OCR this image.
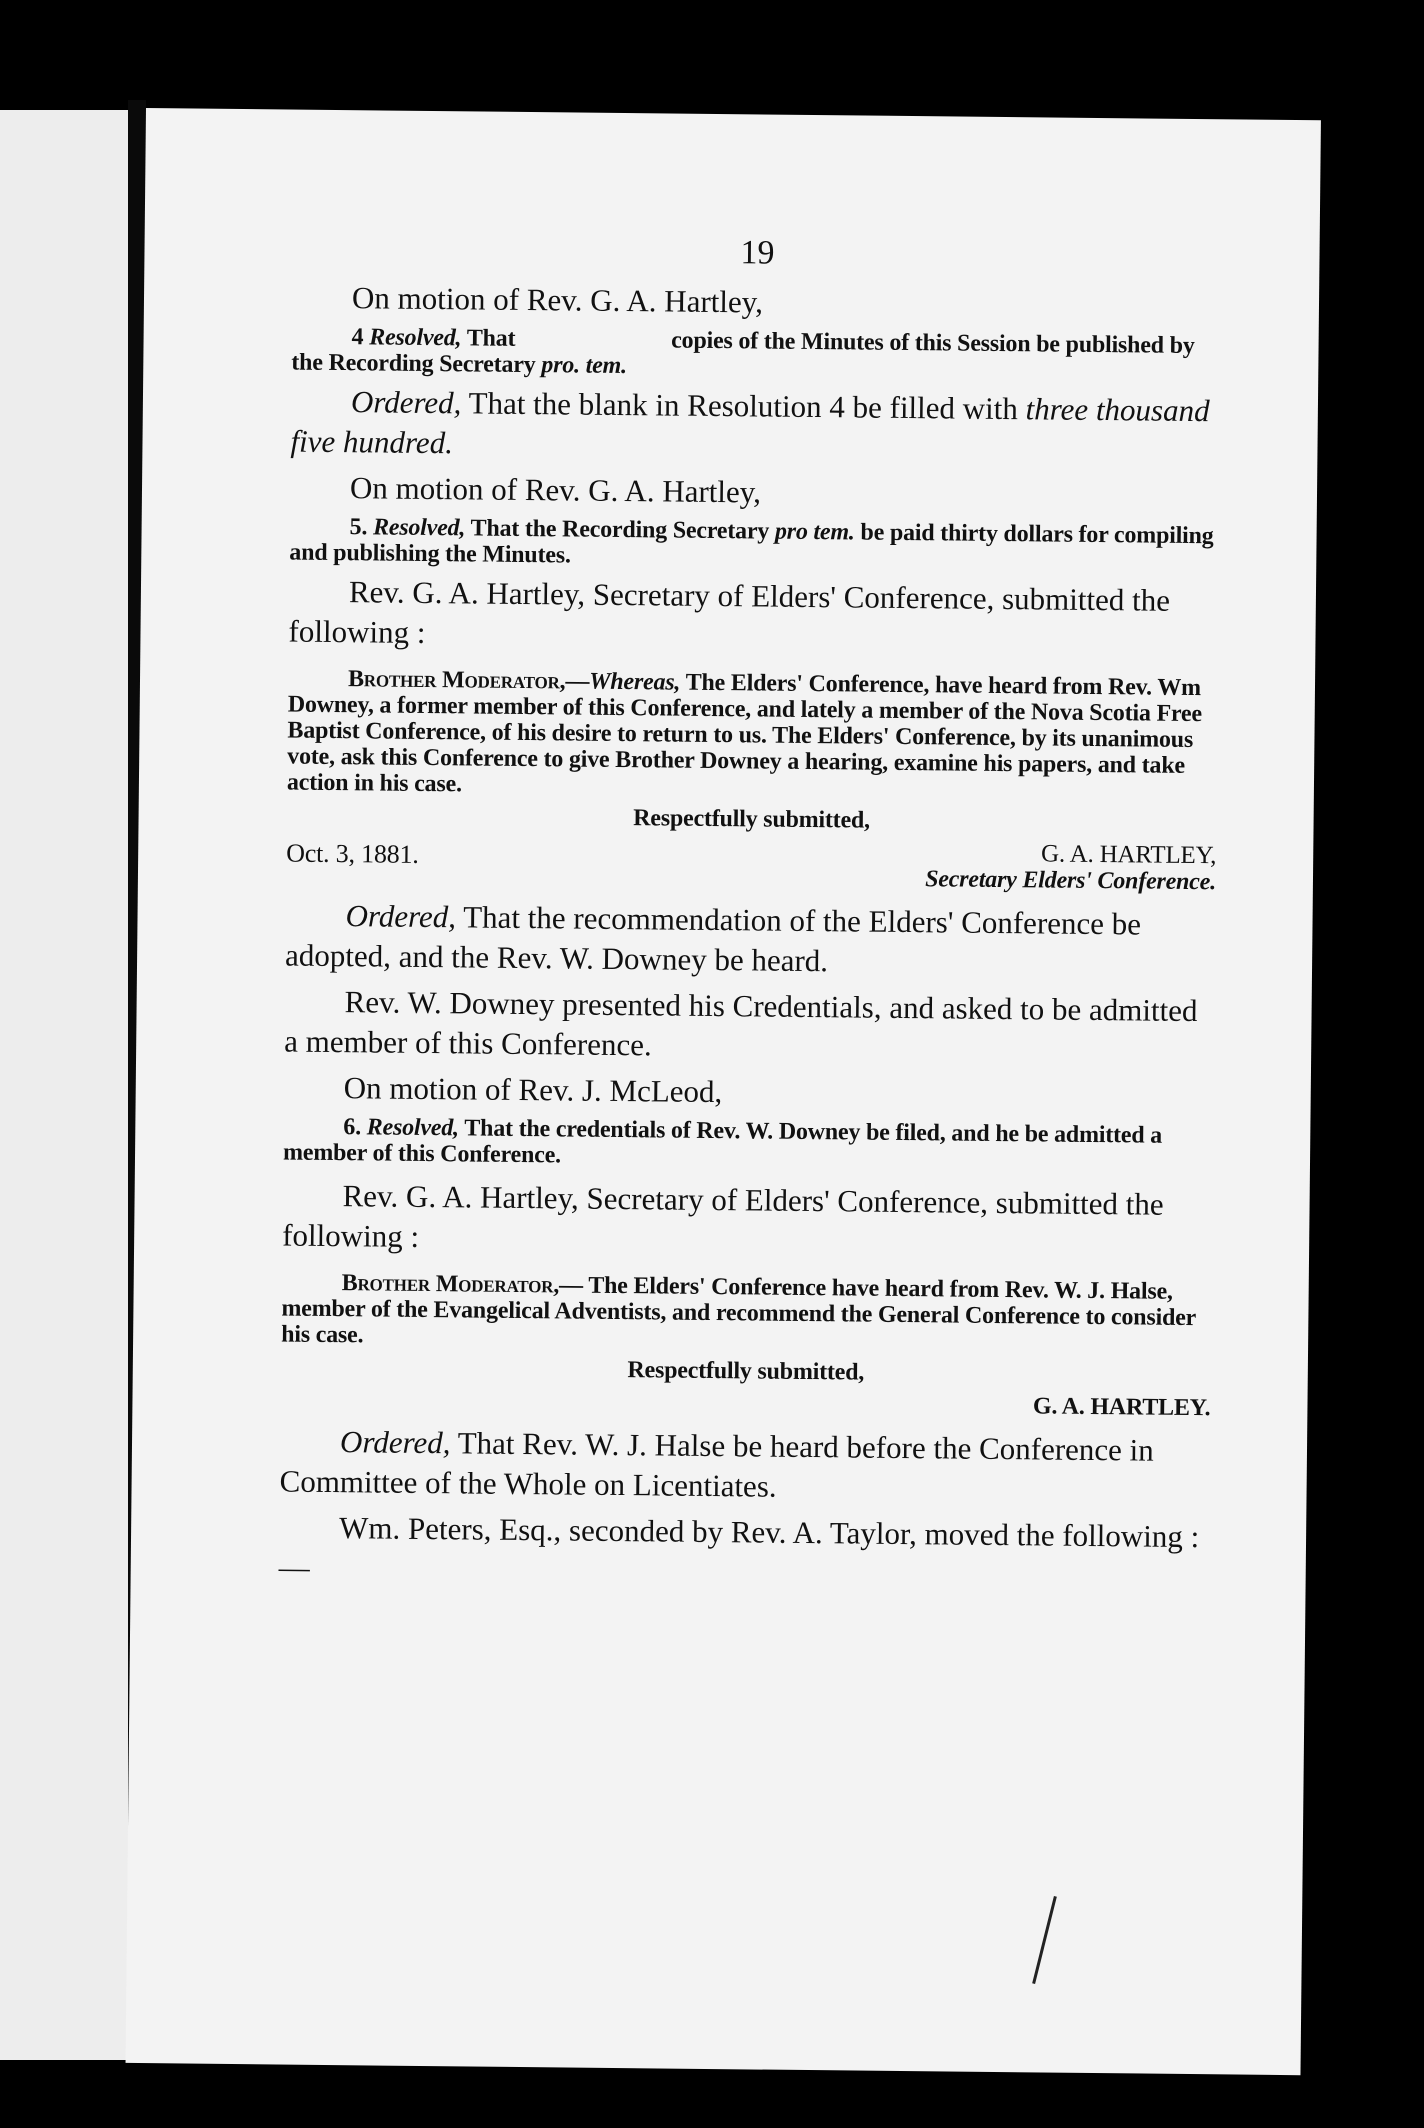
19

On motion of Rev. G. A. Hartley,

4 Resolved, That	copies of the Minutes of this Session be published by the Recording Secretary pro. tem.

Ordered, That the blank in Resolution 4 be filled with three thousand five hundred.

On motion of Rev. G. A. Hartley,

5. Resolved, That the Recording Secretary pro tem. be paid thirty dollars for compiling and publishing the Minutes.

Rev. G. A. Hartley, Secretary of Elders' Conference, submitted the following :

Brother Moderator,—Whereas, The Elders' Conference, have heard from Rev. Wm Downey, a former member of this Conference, and lately a member of the Nova Scotia Free Baptist Conference, of his desire to return to us. The Elders' Conference, by its unanimous vote, ask this Conference to give Brother Downey a hearing, examine his papers, and take action in his case.

Respectfully submitted,

Oct. 3, 1881.	G. A. HARTLEY,
Secretary Elders' Conference.

Ordered, That the recommendation of the Elders' Conference be adopted, and the Rev. W. Downey be heard.

Rev. W. Downey presented his Credentials, and asked to be admitted a member of this Conference.

On motion of Rev. J. McLeod,

6. Resolved, That the credentials of Rev. W. Downey be filed, and he be admitted a member of this Conference.

Rev. G. A. Hartley, Secretary of Elders' Conference, submitted the following :

Brother Moderator,— The Elders' Conference have heard from Rev. W. J. Halse, member of the Evangelical Adventists, and recommend the General Conference to consider his case.

Respectfully submitted,

G. A. HARTLEY.

Ordered, That Rev. W. J. Halse be heard before the Conference in Committee of the Whole on Licentiates.

Wm. Peters, Esq., seconded by Rev. A. Taylor, moved the following :—
